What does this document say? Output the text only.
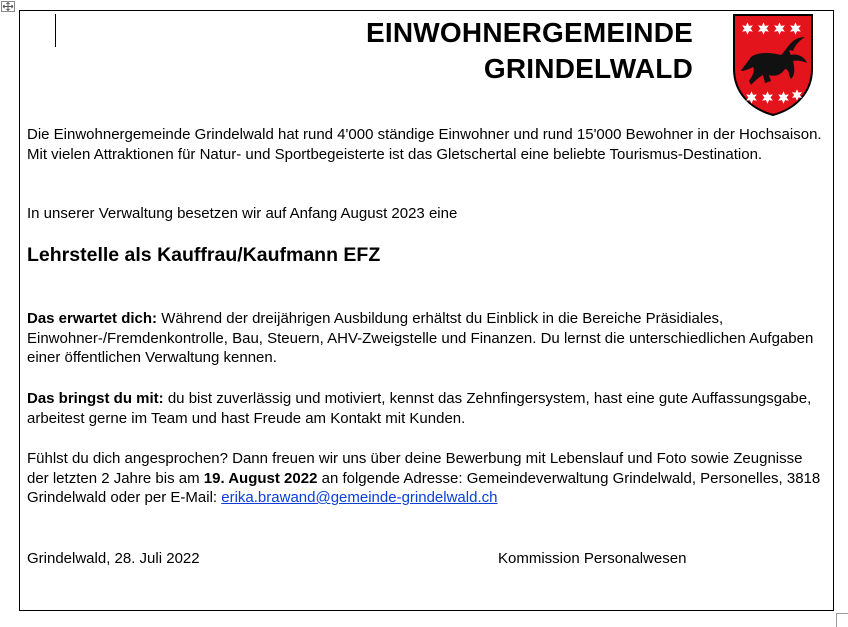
EINWOHNERGEMEINDE
GRINDELWALD
Die Einwohnergemeinde Grindelwald hat rund 4'000 ständige Einwohner und rund 15'000 Bewohner in der Hochsaison. Mit vielen Attraktionen für Natur- und Sportbegeisterte ist das Gletschertal eine beliebte Tourismus-Destination.
In unserer Verwaltung besetzen wir auf Anfang August 2023 eine
Lehrstelle als Kauffrau/Kaufmann EFZ
Das erwartet dich: Während der dreijährigen Ausbildung erhältst du Einblick in die Bereiche Präsidiales, Einwohner-/Fremdenkontrolle, Bau, Steuern, AHV-Zweigstelle und Finanzen. Du lernst die unterschiedlichen Aufgaben einer öffentlichen Verwaltung kennen.
Das bringst du mit: du bist zuverlässig und motiviert, kennst das Zehnfingersystem, hast eine gute Auffassungsgabe, arbeitest gerne im Team und hast Freude am Kontakt mit Kunden.
Fühlst du dich angesprochen? Dann freuen wir uns über deine Bewerbung mit Lebenslauf und Foto sowie Zeugnisse der letzten 2 Jahre bis am 19. August 2022 an folgende Adresse: Gemeindeverwaltung Grindelwald, Personelles, 3818 Grindelwald oder per E-Mail: erika.brawand@gemeinde-grindelwald.ch
Grindelwald, 28. Juli 2022	Kommission Personalwesen
